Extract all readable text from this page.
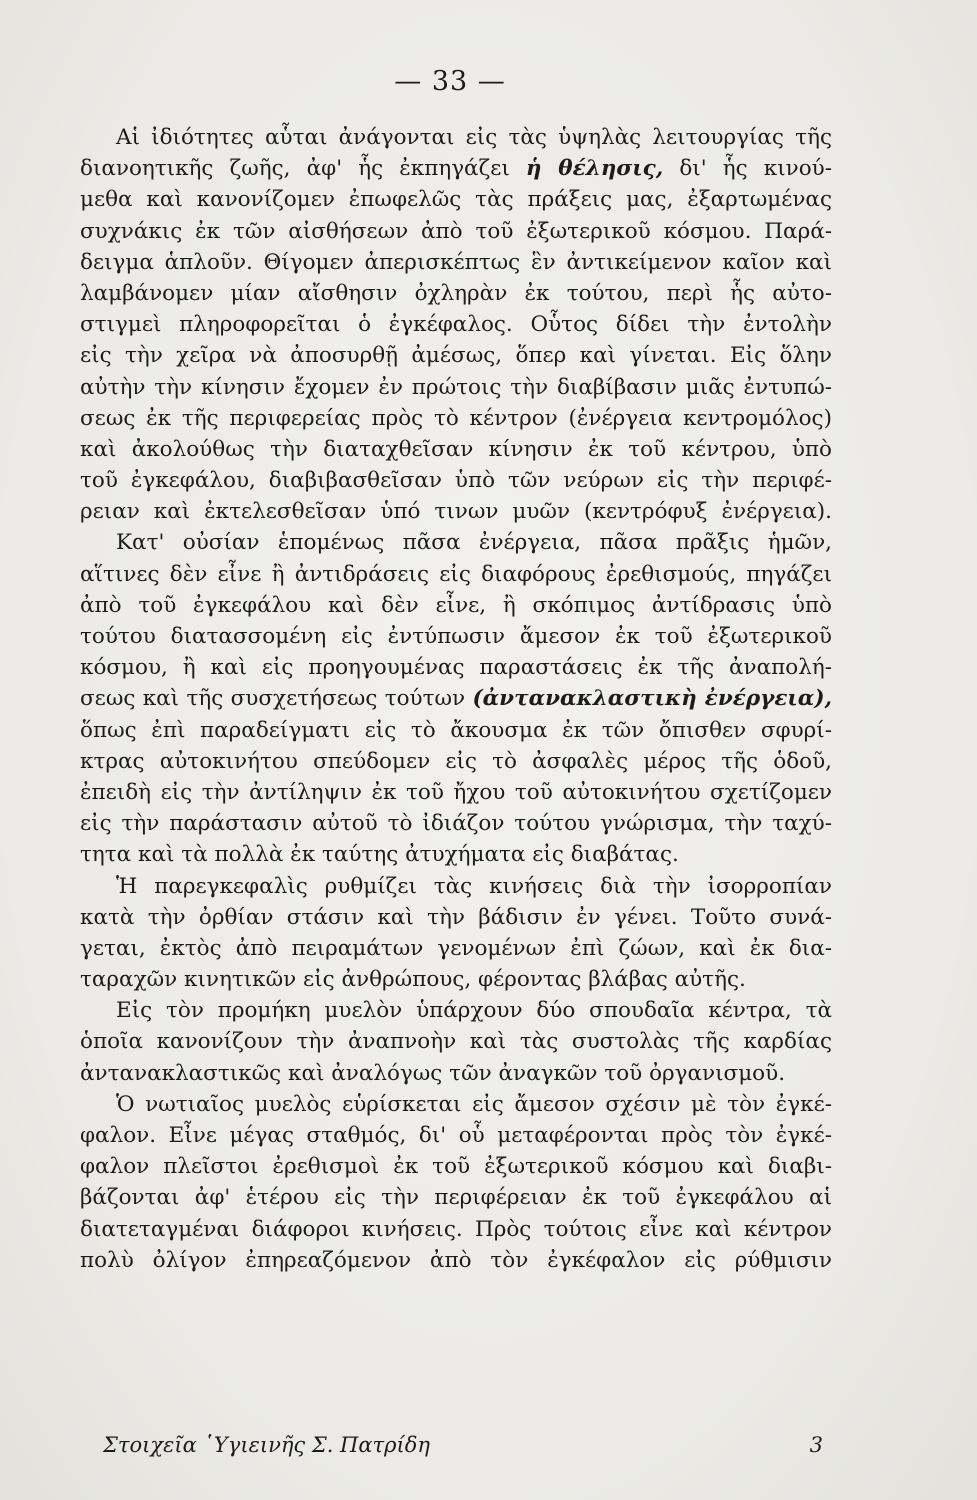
— 33 —
Αἱ ἰδιότητες αὗται ἀνάγονται εἰς τὰς ὑψηλὰς λειτουργίας τῆς
διανοητικῆς ζωῆς, ἀφ' ἧς ἐκπηγάζει ἡ θέλησις, δι' ἧς κινού-
μεθα καὶ κανονίζομεν ἐπωφελῶς τὰς πράξεις μας, ἐξαρτωμένας
συχνάκις ἐκ τῶν αἰσθήσεων ἀπὸ τοῦ ἐξωτερικοῦ κόσμου. Παρά-
δειγμα ἁπλοῦν. Θίγομεν ἀπερισκέπτως ἓν ἀντικείμενον καῖον καὶ
λαμβάνομεν μίαν αἴσθησιν ὀχληρὰν ἐκ τούτου, περὶ ἧς αὐτο-
στιγμεὶ πληροφορεῖται ὁ ἐγκέφαλος. Οὗτος δίδει τὴν ἐντολὴν
εἰς τὴν χεῖρα νὰ ἀποσυρθῇ ἀμέσως, ὅπερ καὶ γίνεται. Εἰς ὅλην
αὐτὴν τὴν κίνησιν ἔχομεν ἐν πρώτοις τὴν διαβίβασιν μιᾶς ἐντυπώ-
σεως ἐκ τῆς περιφερείας πρὸς τὸ κέντρον (ἐνέργεια κεντρομόλος)
καὶ ἀκολούθως τὴν διαταχθεῖσαν κίνησιν ἐκ τοῦ κέντρου, ὑπὸ
τοῦ ἐγκεφάλου, διαβιβασθεῖσαν ὑπὸ τῶν νεύρων εἰς τὴν περιφέ-
ρειαν καὶ ἐκτελεσθεῖσαν ὑπό τινων μυῶν (κεντρόφυξ ἐνέργεια).
Κατ' οὐσίαν ἑπομένως πᾶσα ἐνέργεια, πᾶσα πρᾶξις ἡμῶν,
αἵτινες δὲν εἶνε ἢ ἀντιδράσεις εἰς διαφόρους ἐρεθισμούς, πηγάζει
ἀπὸ τοῦ ἐγκεφάλου καὶ δὲν εἶνε, ἢ σκόπιμος ἀντίδρασις ὑπὸ
τούτου διατασσομένη εἰς ἐντύπωσιν ἄμεσον ἐκ τοῦ ἐξωτερικοῦ
κόσμου, ἢ καὶ εἰς προηγουμένας παραστάσεις ἐκ τῆς ἀναπολή-
σεως καὶ τῆς συσχετήσεως τούτων (ἀντανακλαστικὴ ἐνέργεια),
ὅπως ἐπὶ παραδείγματι εἰς τὸ ἄκουσμα ἐκ τῶν ὄπισθεν σφυρί-
κτρας αὐτοκινήτου σπεύδομεν εἰς τὸ ἀσφαλὲς μέρος τῆς ὁδοῦ,
ἐπειδὴ εἰς τὴν ἀντίληψιν ἐκ τοῦ ἤχου τοῦ αὐτοκινήτου σχετίζομεν
εἰς τὴν παράστασιν αὐτοῦ τὸ ἰδιάζον τούτου γνώρισμα, τὴν ταχύ-
τητα καὶ τὰ πολλὰ ἐκ ταύτης ἀτυχήματα εἰς διαβάτας.
Ἡ παρεγκεφαλὶς ρυθμίζει τὰς κινήσεις διὰ τὴν ἰσορροπίαν
κατὰ τὴν ὀρθίαν στάσιν καὶ τὴν βάδισιν ἐν γένει. Τοῦτο συνά-
γεται, ἐκτὸς ἀπὸ πειραμάτων γενομένων ἐπὶ ζώων, καὶ ἐκ δια-
ταραχῶν κινητικῶν εἰς ἀνθρώπους, φέροντας βλάβας αὐτῆς.
Εἰς τὸν προμήκη μυελὸν ὑπάρχουν δύο σπουδαῖα κέντρα, τὰ
ὁποῖα κανονίζουν τὴν ἀναπνοὴν καὶ τὰς συστολὰς τῆς καρδίας
ἀντανακλαστικῶς καὶ ἀναλόγως τῶν ἀναγκῶν τοῦ ὀργανισμοῦ.
Ὁ νωτιαῖος μυελὸς εὑρίσκεται εἰς ἄμεσον σχέσιν μὲ τὸν ἐγκέ-
φαλον. Εἶνε μέγας σταθμός, δι' οὗ μεταφέρονται πρὸς τὸν ἐγκέ-
φαλον πλεῖστοι ἐρεθισμοὶ ἐκ τοῦ ἐξωτερικοῦ κόσμου καὶ διαβι-
βάζονται ἀφ' ἑτέρου εἰς τὴν περιφέρειαν ἐκ τοῦ ἐγκεφάλου αἱ
διατεταγμέναι διάφοροι κινήσεις. Πρὸς τούτοις εἶνε καὶ κέντρον
πολὺ ὀλίγον ἐπηρεαζόμενον ἀπὸ τὸν ἐγκέφαλον εἰς ρύθμισιν
Στοιχεῖα ῾Υγιεινῆς Σ. Πατρίδη	3
